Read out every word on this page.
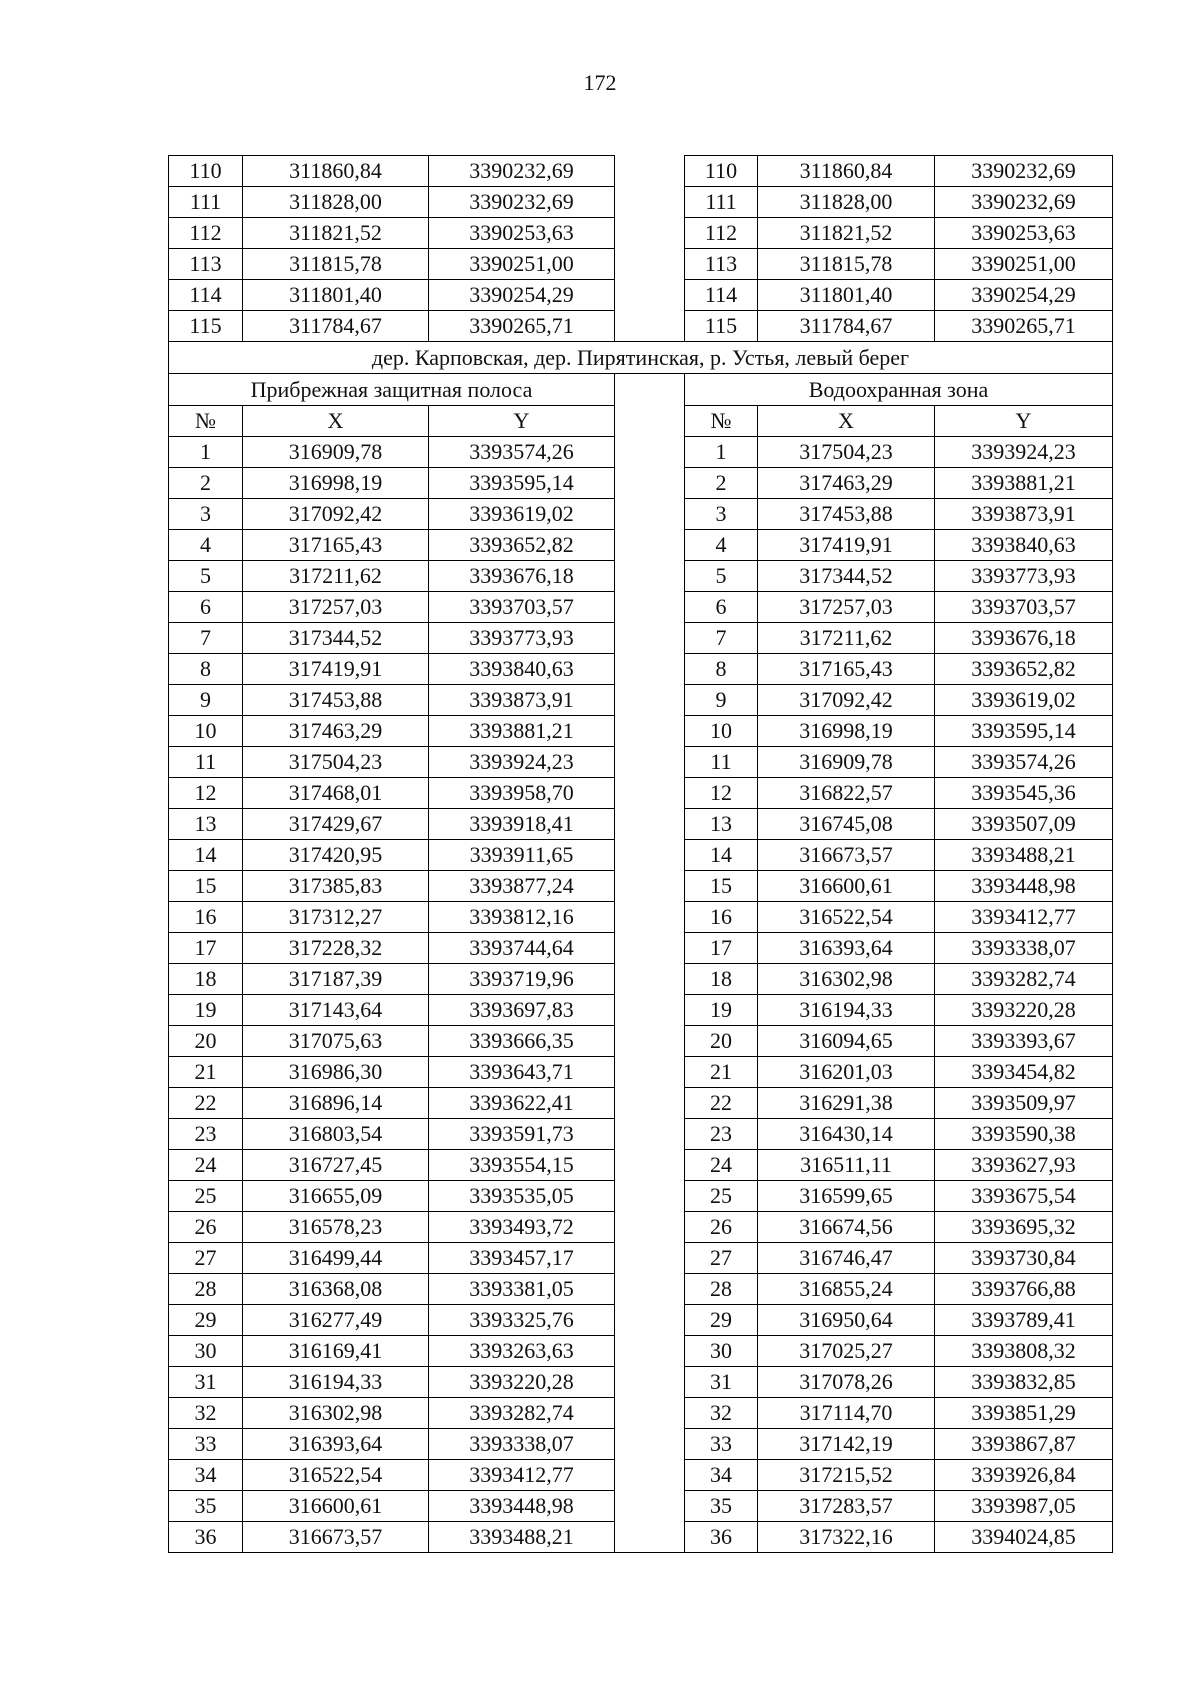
172
110	311860,84	3390232,69		110	311860,84	3390232,69
111	311828,00	3390232,69		111	311828,00	3390232,69
112	311821,52	3390253,63		112	311821,52	3390253,63
113	311815,78	3390251,00		113	311815,78	3390251,00
114	311801,40	3390254,29		114	311801,40	3390254,29
115	311784,67	3390265,71		115	311784,67	3390265,71
дер. Карповская, дер. Пирятинская, р. Устья, левый берег						
Прибрежная защитная полоса				Водоохранная зона		
№	X	Y		№	X	Y
1	316909,78	3393574,26		1	317504,23	3393924,23
2	316998,19	3393595,14		2	317463,29	3393881,21
3	317092,42	3393619,02		3	317453,88	3393873,91
4	317165,43	3393652,82		4	317419,91	3393840,63
5	317211,62	3393676,18		5	317344,52	3393773,93
6	317257,03	3393703,57		6	317257,03	3393703,57
7	317344,52	3393773,93		7	317211,62	3393676,18
8	317419,91	3393840,63		8	317165,43	3393652,82
9	317453,88	3393873,91		9	317092,42	3393619,02
10	317463,29	3393881,21		10	316998,19	3393595,14
11	317504,23	3393924,23		11	316909,78	3393574,26
12	317468,01	3393958,70		12	316822,57	3393545,36
13	317429,67	3393918,41		13	316745,08	3393507,09
14	317420,95	3393911,65		14	316673,57	3393488,21
15	317385,83	3393877,24		15	316600,61	3393448,98
16	317312,27	3393812,16		16	316522,54	3393412,77
17	317228,32	3393744,64		17	316393,64	3393338,07
18	317187,39	3393719,96		18	316302,98	3393282,74
19	317143,64	3393697,83		19	316194,33	3393220,28
20	317075,63	3393666,35		20	316094,65	3393393,67
21	316986,30	3393643,71		21	316201,03	3393454,82
22	316896,14	3393622,41		22	316291,38	3393509,97
23	316803,54	3393591,73		23	316430,14	3393590,38
24	316727,45	3393554,15		24	316511,11	3393627,93
25	316655,09	3393535,05		25	316599,65	3393675,54
26	316578,23	3393493,72		26	316674,56	3393695,32
27	316499,44	3393457,17		27	316746,47	3393730,84
28	316368,08	3393381,05		28	316855,24	3393766,88
29	316277,49	3393325,76		29	316950,64	3393789,41
30	316169,41	3393263,63		30	317025,27	3393808,32
31	316194,33	3393220,28		31	317078,26	3393832,85
32	316302,98	3393282,74		32	317114,70	3393851,29
33	316393,64	3393338,07		33	317142,19	3393867,87
34	316522,54	3393412,77		34	317215,52	3393926,84
35	316600,61	3393448,98		35	317283,57	3393987,05
36	316673,57	3393488,21		36	317322,16	3394024,85
